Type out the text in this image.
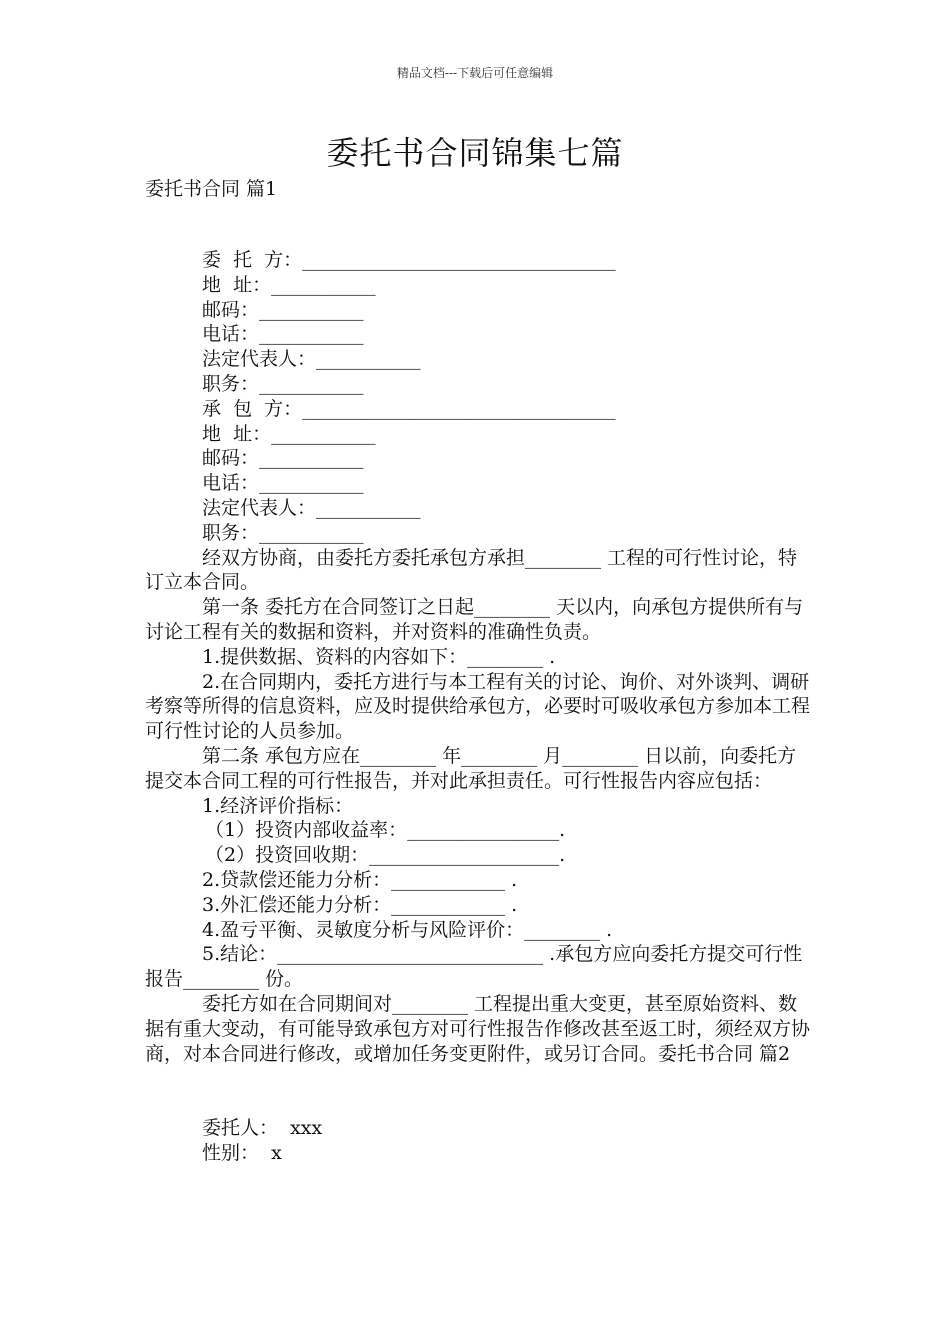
精品文档---下载后可任意编辑
委托书合同锦集七篇
委托书合同 篇1
委  托  方：_________________________________
地  址：___________
邮码：___________
电话：___________
法定代表人：___________
职务：___________
承  包  方：_________________________________
地  址：___________
邮码：___________
电话：___________
法定代表人：___________
职务：___________
经双方协商，由委托方委托承包方承担________ 工程的可行性讨论，特订立本合同。
第一条 委托方在合同签订之日起________ 天以内，向承包方提供所有与讨论工程有关的数据和资料，并对资料的准确性负责。
1.提供数据、资料的内容如下：________ .
2.在合同期内，委托方进行与本工程有关的讨论、询价、对外谈判、调研考察等所得的信息资料，应及时提供给承包方，必要时可吸收承包方参加本工程可行性讨论的人员参加。
第二条 承包方应在________ 年________ 月________ 日以前，向委托方提交本合同工程的可行性报告，并对此承担责任。可行性报告内容应包括：
1.经济评价指标：
（1）投资内部收益率：________________.
（2）投资回收期：____________________.
2.贷款偿还能力分析：____________ .
3.外汇偿还能力分析：____________ .
4.盈亏平衡、灵敏度分析与风险评价：________ .
5.结论：____________________________ .承包方应向委托方提交可行性报告________ 份。
委托方如在合同期间对________ 工程提出重大变更，甚至原始资料、数据有重大变动，有可能导致承包方对可行性报告作修改甚至返工时，须经双方协商，对本合同进行修改，或增加任务变更附件，或另订合同。委托书合同 篇2
委托人：  xxx
性别：  x
